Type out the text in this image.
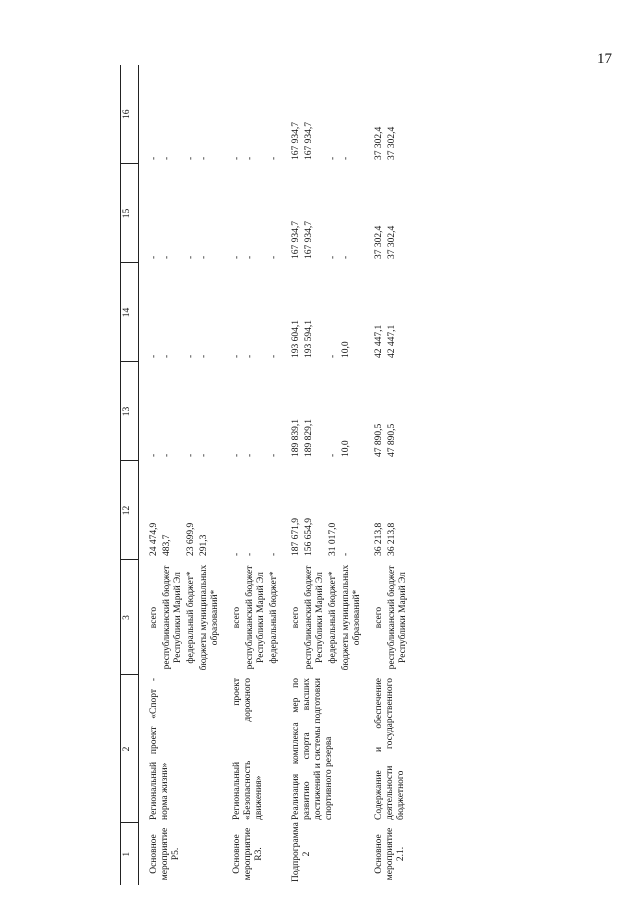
17
1	2	3	12	13	14	15	16
Основное мероприятие Р5.	Региональный проект «Спорт - норма жизни»	всего	24 474,9	-	-	-	-
		республиканский бюджет Республики Марий Эл	483,7	-	-	-	-
		федеральный бюджет*	23 699,9	-	-	-	-
		бюджеты муниципальных образований*	291,3	-	-	-	-
Основное мероприятие R3.	Региональный проект «Безопасность дорожного движения»	всего	-	-	-	-	-
		республиканский бюджет Республики Марий Эл	-	-	-	-	-
		федеральный бюджет*	-	-	-	-	-
Подпрограмма 2	Реализация комплекса мер по развитию спорта высших достижений и системы подготовки спортивного резерва	всего	187 671,9	189 839,1	193 604,1	167 934,7	167 934,7
		республиканский бюджет Республики Марий Эл	156 654,9	189 829,1	193 594,1	167 934,7	167 934,7
		федеральный бюджет*	31 017,0	-	-	-	-
		бюджеты муниципальных образований*	-	10,0	10,0	-	-
Основное мероприятие 2.1.	Содержание и обеспечение деятельности государственного бюджетного	всего	36 213,8	47 890,5	42 447,1	37 302,4	37 302,4
		республиканский бюджет Республики Марий Эл	36 213,8	47 890,5	42 447,1	37 302,4	37 302,4
